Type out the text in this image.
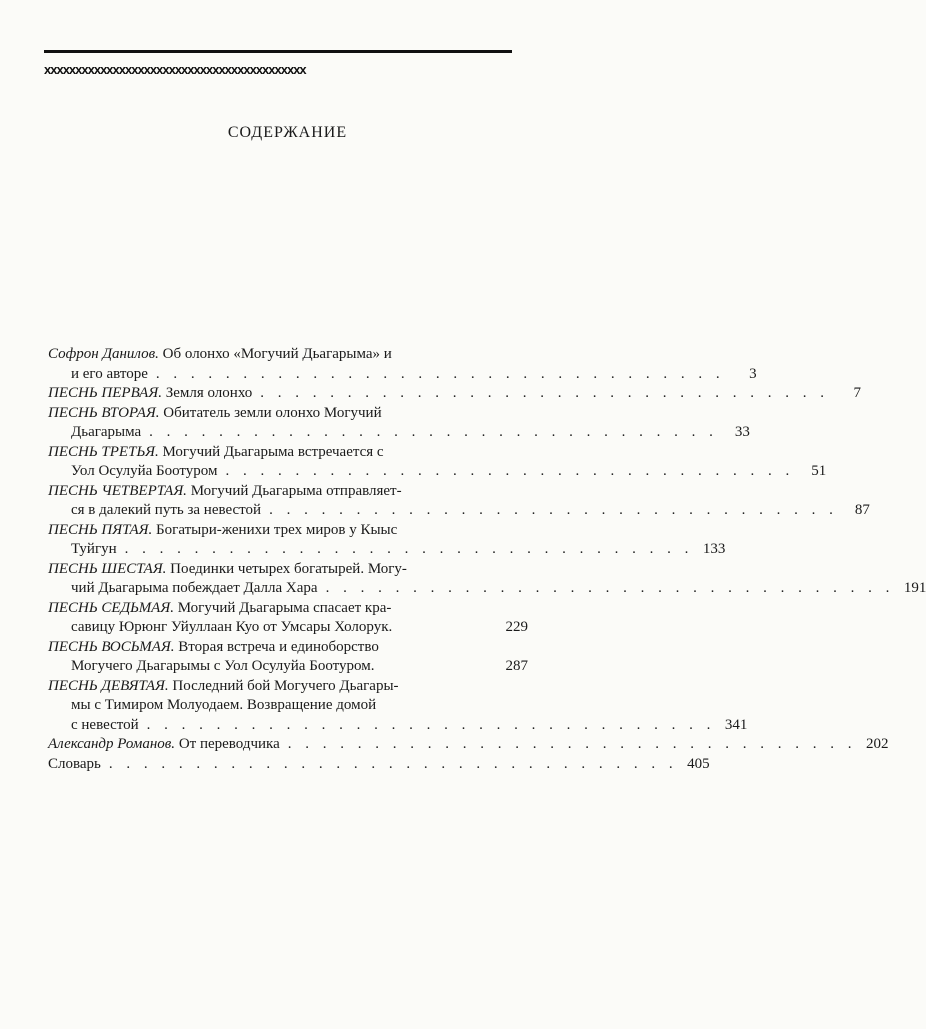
xxxxxxxxxxxxxxxxxxxxxxxxxxxxxxxxxxxxxxxxxx
СОДЕРЖАНИЕ
Софрон Данилов. Об олонхо «Могучий Дьагарыма» и
и его авторе . . . . . . . . . . . . . . . . . . . . . . . . . . . . . . . . .	3
ПЕСНЬ ПЕРВАЯ. Земля олонхо . . . . . . . . . . . . . . . . . . . . . . . . . . . . . . . . .	7
ПЕСНЬ ВТОРАЯ. Обитатель земли олонхо Могучий
Дьагарыма . . . . . . . . . . . . . . . . . . . . . . . . . . . . . . . . .	33
ПЕСНЬ ТРЕТЬЯ. Могучий Дьагарыма встречается с
Уол Осулуйа Боотуром . . . . . . . . . . . . . . . . . . . . . . . . . . . . . . . . .	51
ПЕСНЬ ЧЕТВЕРТАЯ. Могучий Дьагарыма отправляет-
ся в далекий путь за невестой . . . . . . . . . . . . . . . . . . . . . . . . . . . . . . . . .	87
ПЕСНЬ ПЯТАЯ. Богатыри-женихи трех миров у Кыыс
Туйгун . . . . . . . . . . . . . . . . . . . . . . . . . . . . . . . . . 133
ПЕСНЬ ШЕСТАЯ. Поединки четырех богатырей. Могу-
чий Дьагарыма побеждает Далла Хара . . . . . . . . . . . . . . . . . . . . . . . . . . . . . . . . . 191
ПЕСНЬ СЕДЬМАЯ. Могучий Дьагарыма спасает кра-
савицу Юрюнг Уйуллаан Куо от Умсары Холорук.	229
ПЕСНЬ ВОСЬМАЯ. Вторая встреча и единоборство
Могучего Дьагарымы с Уол Осулуйа Боотуром.	287
ПЕСНЬ ДЕВЯТАЯ. Последний бой Могучего Дьагары-
мы с Тимиром Молуодаем. Возвращение домой
с невестой . . . . . . . . . . . . . . . . . . . . . . . . . . . . . . . . . 341
Александр Романов. От переводчика . . . . . . . . . . . . . . . . . . . . . . . . . . . . . . . . . 202
Словарь . . . . . . . . . . . . . . . . . . . . . . . . . . . . . . . . . 405
